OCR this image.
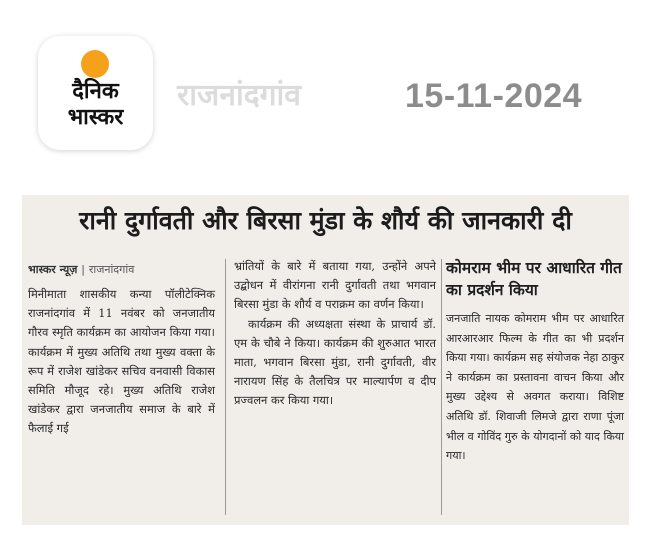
दैनिक
भास्कर
राजनांदगांव	15-11-2024
रानी दुर्गावती और बिरसा मुंडा के शौर्य की जानकारी दी
भास्कर न्यूज़ | राजनांदगांव

मिनीमाता शासकीय कन्या पॉलीटेक्निक राजनांदगांव में 11 नवंबर को जनजातीय गौरव स्मृति कार्यक्रम का आयोजन किया गया। कार्यक्रम में मुख्य अतिथि तथा मुख्य वक्ता के रूप में राजेश खांडेकर सचिव वनवासी विकास समिति मौजूद रहे। मुख्य अतिथि राजेश खांडेकर द्वारा जनजातीय समाज के बारे में फैलाई गई

भ्रांतियों के बारे में बताया गया, उन्होंने अपने उद्बोधन में वीरांगना रानी दुर्गावती तथा भगवान बिरसा मुंडा के शौर्य व पराक्रम का वर्णन किया।

कार्यक्रम की अध्यक्षता संस्था के प्राचार्य डॉ. एम के चौबे ने किया। कार्यक्रम की शुरुआत भारत माता, भगवान बिरसा मुंडा, रानी दुर्गावती, वीर नारायण सिंह के तैलचित्र पर माल्यार्पण व दीप प्रज्वलन कर किया गया।

कोमराम भीम पर आधारित गीत का प्रदर्शन किया

जनजाति नायक कोमराम भीम पर आधारित आरआरआर फिल्म के गीत का भी प्रदर्शन किया गया। कार्यक्रम सह संयोजक नेहा ठाकुर ने कार्यक्रम का प्रस्तावना वाचन किया और मुख्य उद्देश्य से अवगत कराया। विशिष्ट अतिथि डॉ. शिवाजी लिमजे द्वारा राणा पूंजा भील व गोविंद गुरु के योगदानों को याद किया गया।
